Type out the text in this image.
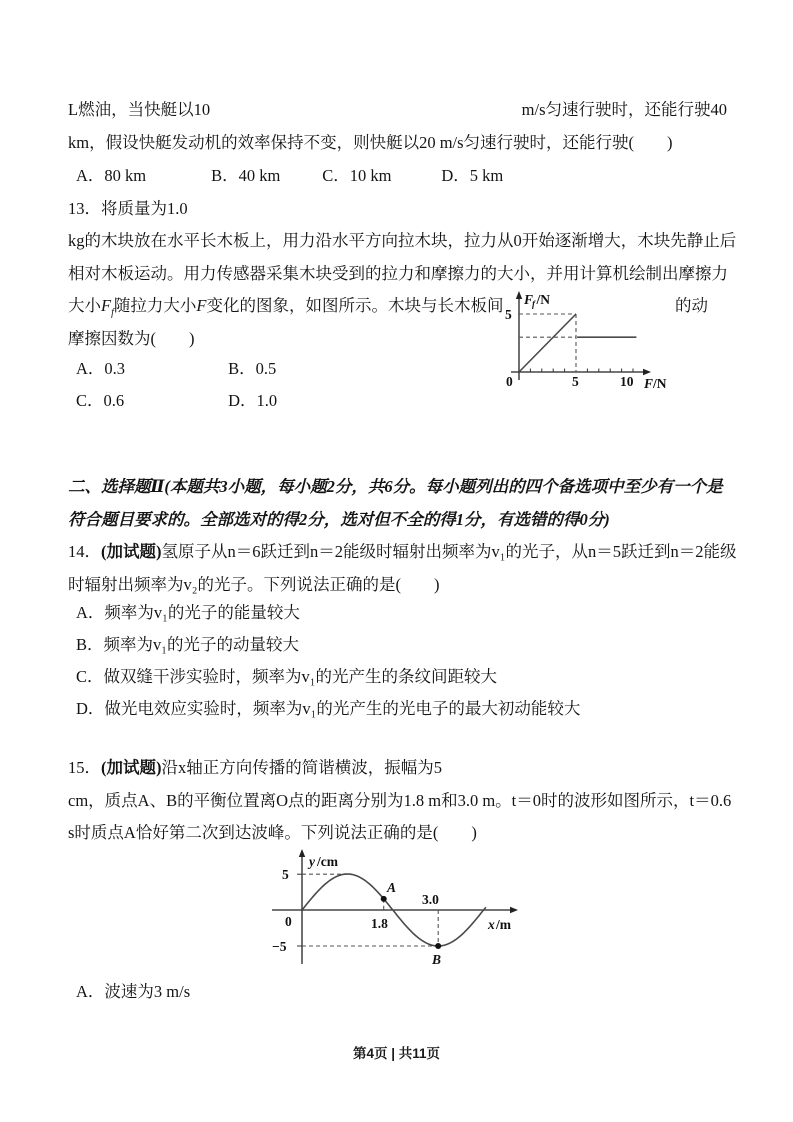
L燃油，当快艇以10	m/s匀速行驶时，还能行驶40
km，假设快艇发动机的效率保持不变，则快艇以20 m/s匀速行驶时，还能行驶(　　)
A．80 km	B．40 km	C．10 km	D．5 km
13．将质量为1.0
kg的木块放在水平长木板上，用力沿水平方向拉木块，拉力从0开始逐渐增大，木块先静止后
相对木板运动。用力传感器采集木块受到的拉力和摩擦力的大小，并用计算机绘制出摩擦力
大小$F_f$随拉力大小F变化的图象，如图所示。木块与长木板间	的动
摩擦因数为(　　)
A．0.3	B．0.5
C．0.6	D．1.0
F
f /N
5
0	5	10 F /N
二、选择题Ⅱ(本题共3小题，每小题2分，共6分。每小题列出的四个备选项中至少有一个是
符合题目要求的。全部选对的得2分，选对但不全的得1分，有选错的得0分)
14．(加试题)氢原子从n＝6跃迁到n＝2能级时辐射出频率为v₁的光子，从n＝5跃迁到n＝2能级
时辐射出频率为v₂的光子。下列说法正确的是(　　)
A．频率为v₁的光子的能量较大
B．频率为v₁的光子的动量较大
C．做双缝干涉实验时，频率为v₁的光产生的条纹间距较大
D．做光电效应实验时，频率为v₁的光产生的光电子的最大初动能较大
15．(加试题)沿x轴正方向传播的简谐横波，振幅为5
cm，质点A、B的平衡位置离O点的距离分别为1.8 m和3.0 m。t＝0时的波形如图所示，t＝0.6
s时质点A恰好第二次到达波峰。下列说法正确的是(　　)
y /cm
5
−5
0	1.8
3.0
x /m
A
B
A．波速为3 m/s
第4页 | 共11页
